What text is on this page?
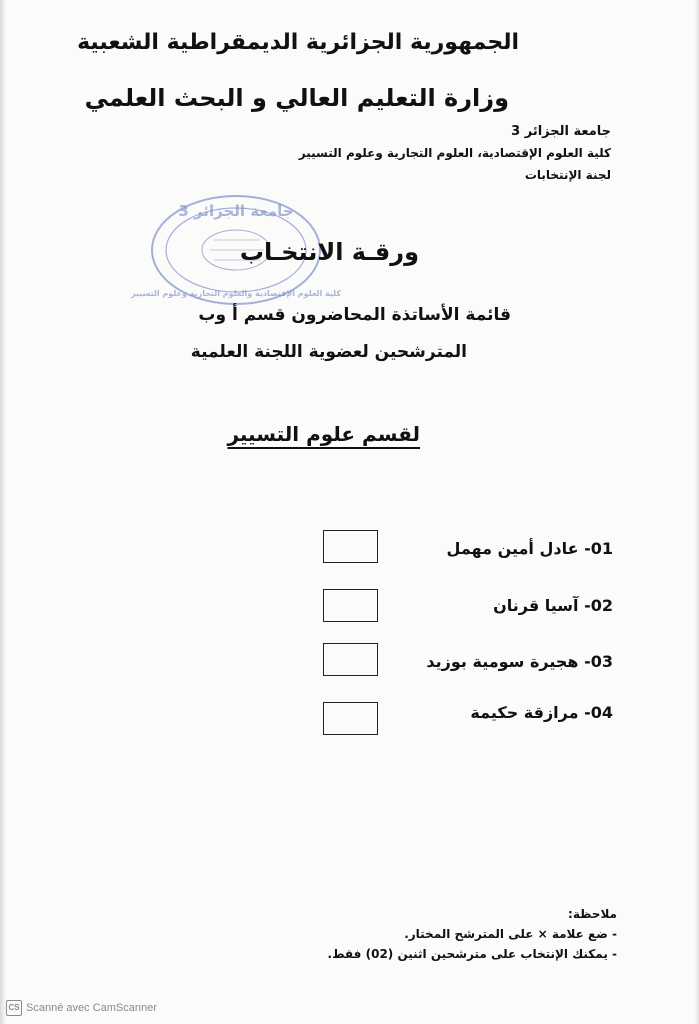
الجمهورية الجزائرية الديمقراطية الشعبية
وزارة التعليم العالي و البحث العلمي
جامعة الجزائر 3
كلية العلوم الإقتصادية، العلوم التجارية وعلوم التسيير
لجنة الإنتخابات
جامعة الجزائر 3
كلية العلوم الإقتصادية والعلوم التجارية وعلوم التسيير
ورقـة الانتخـاب
قائمة الأساتذة المحاضرون قسم أ وب
المترشحين لعضوية اللجنة العلمية
لقسم علوم التسيير
01- عادل أمين مهمل
02- آسيا قرنان
03- هجيرة سومية بوزيد
04- مرازقة حكيمة
ملاحظة:
- ضع علامة × على المترشح المختار.
- يمكنك الإنتخاب على مترشحين اثنين (02) فقط.
CS Scanné avec CamScanner
